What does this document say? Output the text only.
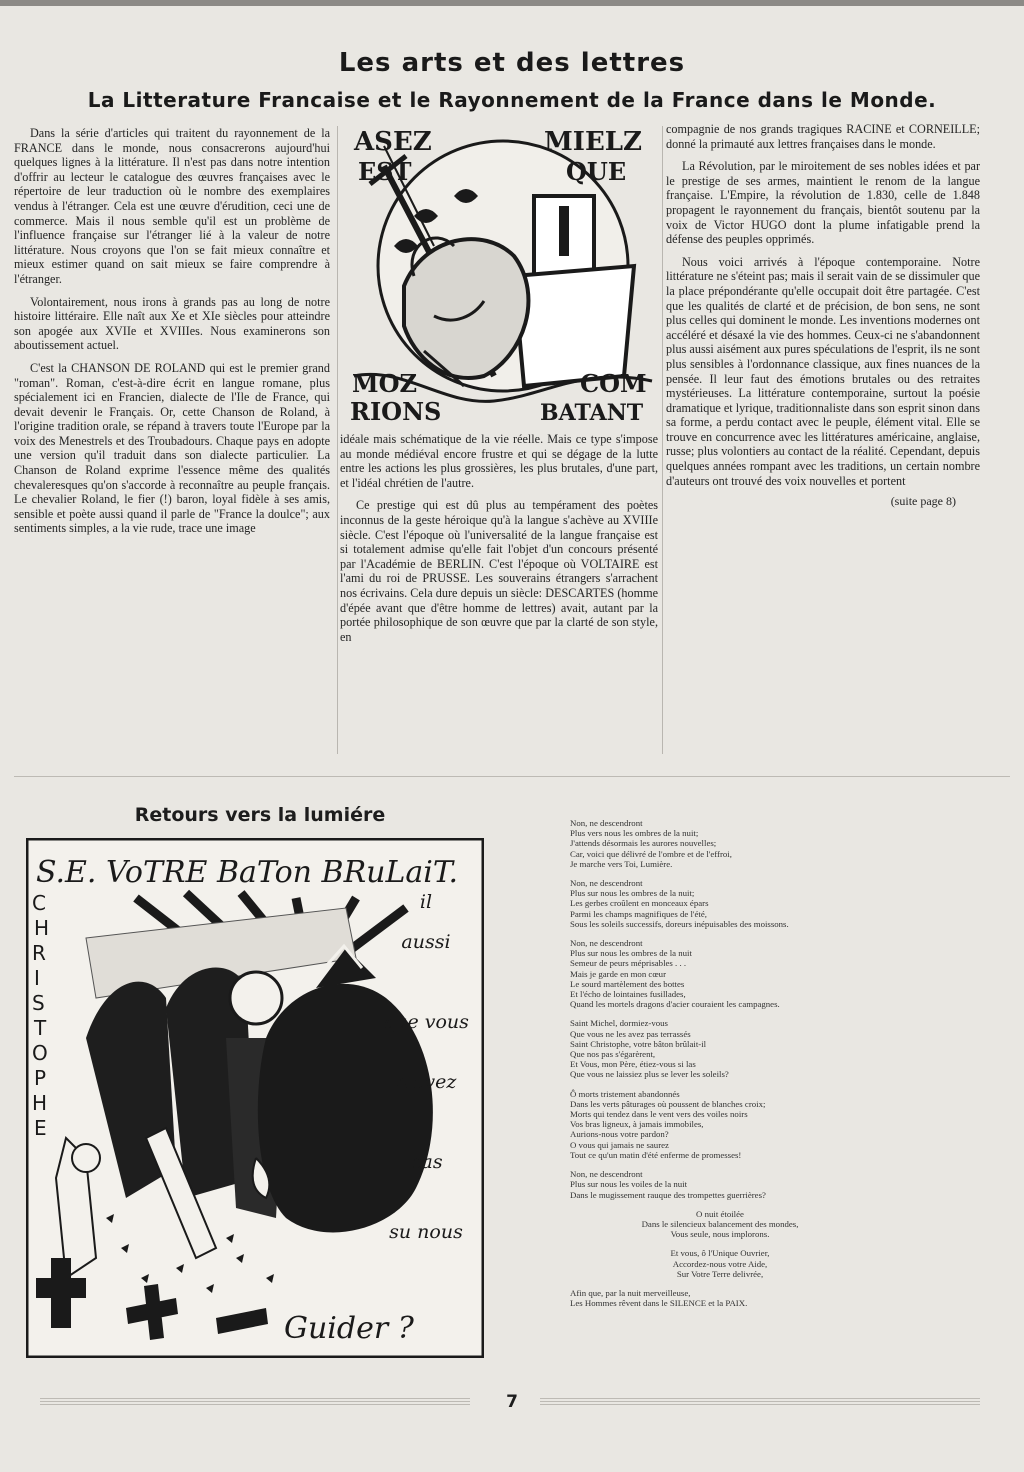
Les arts et des lettres
La Litterature Francaise et le Rayonnement de la France dans le Monde.

Dans la série d'articles qui traitent du rayonnement de la FRANCE dans le monde, nous consacrerons aujourd'hui quelques lignes à la littérature. Il n'est pas dans notre intention d'offrir au lecteur le catalogue des œuvres françaises avec le répertoire de leur traduction où le nombre des exemplaires vendus à l'étranger. Cela est une œuvre d'érudition, ceci une de commerce. Mais il nous semble qu'il est un problème de l'influence française sur l'étranger lié à la valeur de notre littérature. Nous croyons que l'on se fait mieux connaître et mieux estimer quand on sait mieux se faire comprendre à l'étranger.

Volontairement, nous irons à grands pas au long de notre histoire littéraire. Elle naît aux Xe et XIe siècles pour atteindre son apogée aux XVIIe et XVIIIes. Nous examinerons son aboutissement actuel.

C'est la CHANSON DE ROLAND qui est le premier grand "roman". Roman, c'est-à-dire écrit en langue romane, plus spécialement ici en Francien, dialecte de l'Ile de France, qui devait devenir le Français. Or, cette Chanson de Roland, à l'origine tradition orale, se répand à travers toute l'Europe par la voix des Menestrels et des Troubadours. Chaque pays en adopte une version qu'il traduit dans son dialecte particulier. La Chanson de Roland exprime l'essence même des qualités chevaleresques qu'on s'accorde à reconnaître au peuple français. Le chevalier Roland, le fier (!) baron, loyal fidèle à ses amis, sensible et poète aussi quand il parle de "France la doulce"; aux sentiments simples, a la vie rude, trace une image

ASEZ
EST
MIELZ
QUE
MOZ
RIONS
COM
BATANT

idéale mais schématique de la vie réelle. Mais ce type s'impose au monde médiéval encore frustre et qui se dégage de la lutte entre les actions les plus grossières, les plus brutales, d'une part, et l'idéal chrétien de l'autre.

Ce prestige qui est dû plus au tempérament des poètes inconnus de la geste héroique qu'à la langue s'achève au XVIIIe siècle. C'est l'époque où l'universalité de la langue française est si totalement admise qu'elle fait l'objet d'un concours présenté par l'Académie de BERLIN. C'est l'époque où VOLTAIRE est l'ami du roi de PRUSSE. Les souverains étrangers s'arrachent nos écrivains. Cela dure depuis un siècle: DESCARTES (homme d'épée avant que d'être homme de lettres) avait, autant par la portée philosophique de son œuvre que par la clarté de son style, en

compagnie de nos grands tragiques RACINE et CORNEILLE; donné la primauté aux lettres françaises dans le monde.

La Révolution, par le miroitement de ses nobles idées et par le prestige de ses armes, maintient le renom de la langue française. L'Empire, la révolution de 1.830, celle de 1.848 propagent le rayonnement du français, bientôt soutenu par la voix de Victor HUGO dont la plume infatigable prend la défense des peuples opprimés.

Nous voici arrivés à l'époque contemporaine. Notre littérature ne s'éteint pas; mais il serait vain de se dissimuler que la place prépondérante qu'elle occupait doit être partagée. C'est que les qualités de clarté et de précision, de bon sens, ne sont plus celles qui dominent le monde. Les inventions modernes ont accéléré et désaxé la vie des hommes. Ceux-ci ne s'abandonnent plus aussi aisément aux pures spéculations de l'esprit, ils ne sont plus sensibles à l'ordonnance classique, aux fines nuances de la pensée. Il leur faut des émotions brutales ou des retraites mystérieuses. La littérature contemporaine, surtout la poésie dramatique et lyrique, traditionnaliste dans son esprit sinon dans sa forme, a perdu contact avec le peuple, élément vital. Elle se trouve en concurrence avec les littératures américaine, anglaise, russe; plus volontiers au contact de la réalité. Cependant, depuis quelques années rompant avec les traditions, un certain nombre d'auteurs ont trouvé des voix nouvelles et portent

(suite page 8)
Retours vers la lumiére
S.E. VoTRE BaTon BRuLaiT.
C
H
R
I
S
T
O
P
H
E
il
aussi
que vous
n'avez
pas
su nous
Guider ?
Non, ne descendront
Plus vers nous les ombres de la nuit;
J'attends désormais les aurores nouvelles;
Car, voici que délivré de l'ombre et de l'effroi,
Je marche vers Toi, Lumière.
Non, ne descendront
Plus sur nous les ombres de la nuit;
Les gerbes croûlent en monceaux épars
Parmi les champs magnifiques de l'été,
Sous les soleils successifs, doreurs inépuisables des moissons.
Non, ne descendront
Plus sur nous les ombres de la nuit
Semeur de peurs méprisables . . .
Mais je garde en mon cœur
Le sourd martèlement des bottes
Et l'écho de lointaines fusillades,
Quand les mortels dragons d'acier couraient les campagnes.
Saint Michel, dormiez-vous
Que vous ne les avez pas terrassés
Saint Christophe, votre bâton brûlait-il
Que nos pas s'égarèrent,
Et Vous, mon Père, étiez-vous si las
Que vous ne laissiez plus se lever les soleils?
Ô morts tristement abandonnés
Dans les verts pâturages où poussent de blanches croix;
Morts qui tendez dans le vent vers des voiles noirs
Vos bras ligneux, à jamais immobiles,
Aurions-nous votre pardon?
O vous qui jamais ne saurez
Tout ce qu'un matin d'été enferme de promesses!
Non, ne descendront
Plus sur nous les voiles de la nuit
Dans le mugissement rauque des trompettes guerrières?
O nuit étoilée
Dans le silencieux balancement des mondes,
Vous seule, nous implorons.
Et vous, ô l'Unique Ouvrier,
Accordez-nous votre Aide,
Sur Votre Terre delivrée,
Afin que, par la nuit merveilleuse,
Les Hommes rêvent dans le SILENCE et la PAIX.
7
